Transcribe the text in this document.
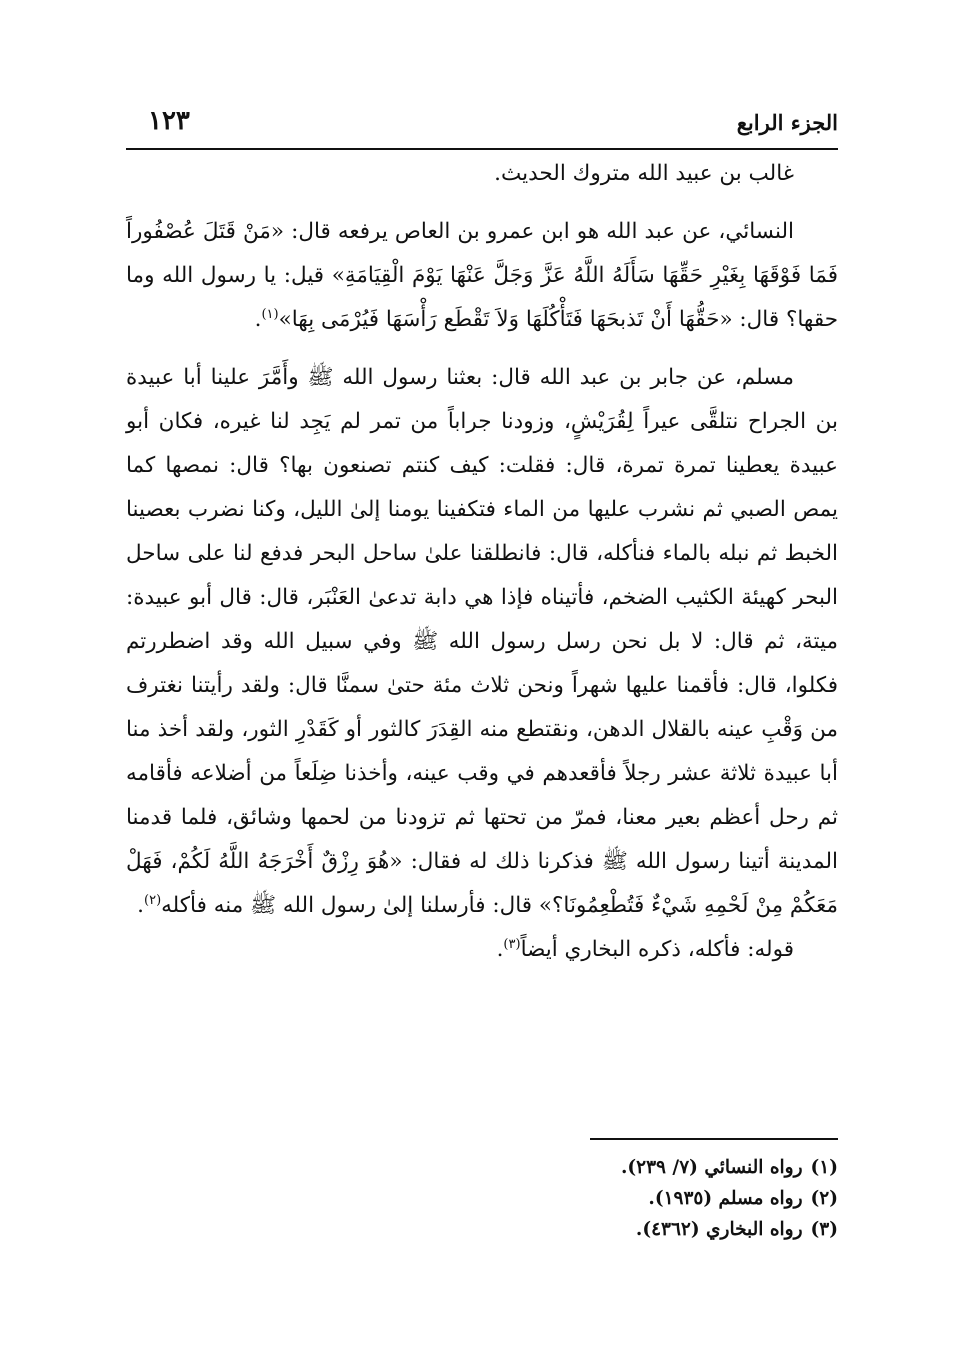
الجزء الرابع
١٢٣

غالب بن عبيد الله متروك الحديث.

النسائي، عن عبد الله هو ابن عمرو بن العاص يرفعه قال: «مَنْ قَتَلَ عُصْفُوراً فَمَا فَوْقَهَا بِغَيْرِ حَقِّهَا سَأَلَهُ اللَّهُ عَزَّ وَجَلَّ عَنْهَا يَوْمَ الْقِيَامَةِ» قيل: يا رسول الله وما حقها؟ قال: «حَقُّهَا أَنْ تَذبحَهَا فَتَأْكُلَهَا وَلاَ تَقْطَع رَأْسَهَا فَيُرْمَى بِهَا»$^{(١)}$.

مسلم، عن جابر بن عبد الله قال: بعثنا رسول الله ﷺ وأَمَّرَ علينا أبا عبيدة بن الجراح نتلقَّى عيراً لِقُرَيْشٍ، وزودنا جراباً من تمر لم يَجِد لنا غيره، فكان أبو عبيدة يعطينا تمرة تمرة، قال: فقلت: كيف كنتم تصنعون بها؟ قال: نمصها كما يمص الصبي ثم نشرب عليها من الماء فتكفينا يومنا إلىٰ الليل، وكنا نضرب بعصينا الخبط ثم نبله بالماء فنأكله، قال: فانطلقنا علىٰ ساحل البحر فدفع لنا على ساحل البحر كهيئة الكثيب الضخم، فأتيناه فإذا هي دابة تدعىٰ العَنْبَر، قال: قال أبو عبيدة: ميتة، ثم قال: لا بل نحن رسل رسول الله ﷺ وفي سبيل الله وقد اضطررتم فكلوا، قال: فأقمنا عليها شهراً ونحن ثلاث مئة حتىٰ سمنَّا قال: ولقد رأيتنا نغترف من وَقْبِ عينه بالقلال الدهن، ونقتطع منه القِدَرَ كالثور أو كَقَدْرِ الثور، ولقد أخذ منا أبا عبيدة ثلاثة عشر رجلاً فأقعدهم في وقب عينه، وأخذنا ضِلَعاً من أضلاعه فأقامه ثم رحل أعظم بعير معنا، فمرّ من تحتها ثم تزودنا من لحمها وشائق، فلما قدمنا المدينة أتينا رسول الله ﷺ فذكرنا ذلك له فقال: «هُوَ رِزْقٌ أَخْرَجَهُ اللَّهُ لَكُمْ، فَهَلْ مَعَكُمْ مِنْ لَحْمِهِ شَيْءٌ فَتُطْعِمُونَا؟» قال: فأرسلنا إلىٰ رسول الله ﷺ منه فأكله$^{(٢)}$.

قوله: فأكله، ذكره البخاري أيضاً$^{(٣)}$.

(١)رواه النسائي (٧/ ٢٣٩).

(٢)رواه مسلم (١٩٣٥).

(٣)رواه البخاري (٤٣٦٢).
